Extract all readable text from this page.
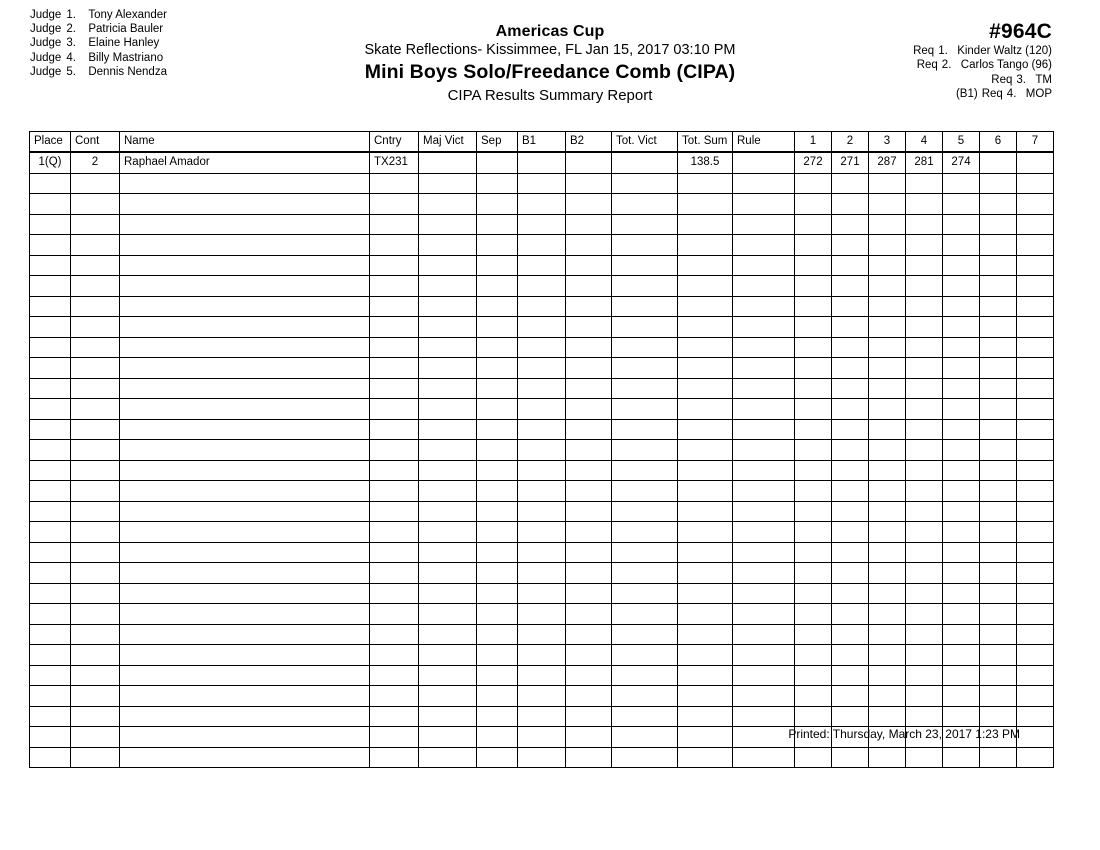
Judge 1. Tony Alexander
Judge 2. Patricia Bauler
Judge 3. Elaine Hanley
Judge 4. Billy Mastriano
Judge 5. Dennis Nendza
Americas Cup
Skate Reflections- Kissimmee, FL Jan 15, 2017 03:10 PM
Mini Boys Solo/Freedance Comb (CIPA)
CIPA Results Summary Report
#964C
Req 1. Kinder Waltz (120)
Req 2. Carlos Tango (96)
Req 3. TM
(B1) Req 4. MOP
Place	Cont	Name	Cntry	Maj Vict	Sep	B1	B2	Tot. Vict	Tot. Sum	Rule	1	2	3	4	5	6	7
1(Q)	2	Raphael Amador	TX231						138.5		272	271	287	281	274		

Printed: Thursday, March 23, 2017 1:23 PM
